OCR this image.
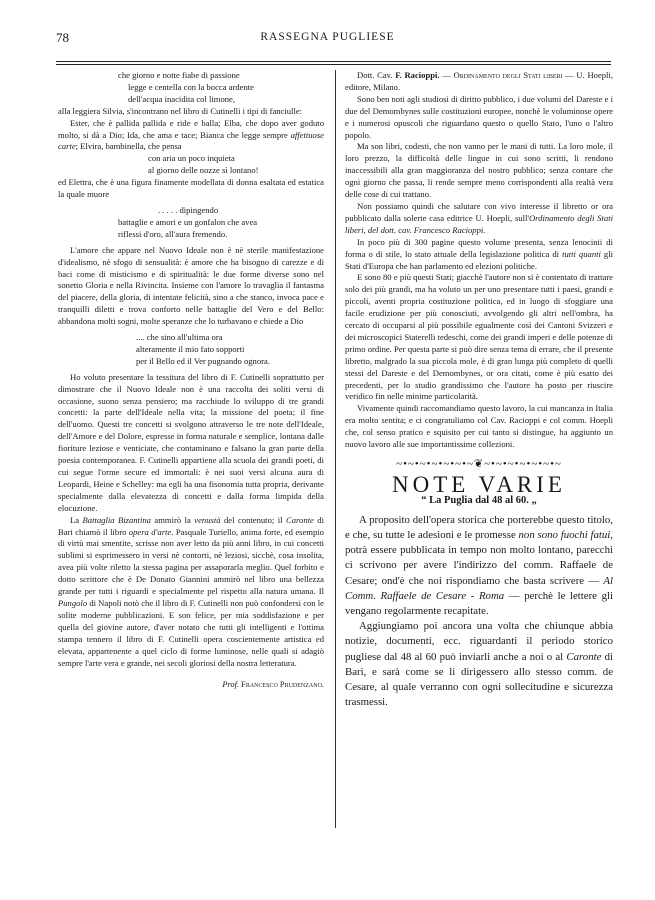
78	RASSEGNA PUGLIESE
che giorno e notte fiabe di passione
legge e centella con la bocca ardente
dell'acqua inacidita col limone,

alla leggiera Silvia, s'incontrano nel libro di Cutinelli i tipi di fanciulle:

Ester, che è pallida pallida e ride e balla; Elba, che dopo aver goduto molto, si dà a Dio; Ida, che ama e tace; Bianca che legge sempre affettuose carte; Elvira, bambinella, che pensa

con aria un poco inquieta
al giorno delle nozze sì lontano!

ed Elettra, che è una figura finamente modellata di donna esaltata ed estatica la quale muore

. . . . . dipingendo
battaglie e amori e un gonfalon che avea
riflessi d'oro, all'aura fremendo.

L'amore che appare nel Nuovo Ideale non è nè sterile manifestazione d'idealismo, nè sfogo di sensualità: è amore che ha bisogno di carezze e di baci come di misticismo e di spiritualità: le due forme diverse sono nel sonetto Gloria e nella Rivincita. Insieme con l'amore lo travaglia il fantasma del piacere, della gloria, di intentate felicità, sino a che stanco, invoca pace e tranquilli diletti e trova conforto nelle battaglie del Vero e del Bello: abbandona molti sogni, molte speranze che lo turbavano e chiede a Dio

.... che sino all'ultima ora
alteramente il mio fato sopporti
per il Bello ed il Ver pugnando ognora.

Ho voluto presentare la tessitura del libro di F. Cutinelli soprattutto per dimostrare che il Nuovo Ideale non è una raccolta dei soliti versi di occasione, suono senza pensiero; ma racchiude lo sviluppo di tre grandi concetti: la parte dell'Ideale nella vita; la missione del poeta; il fine dell'uomo. Questi tre concetti si svolgono attraverso le tre note dell'Ideale, dell'Amore e del Dolore, espresse in forma naturale e semplice, lontana dalle fioriture leziose e venticiate, che contaminano e falsano la gran parte della poesia contemporanea. F. Cutinelli appartiene alla scuola dei grandi poeti, di cui segue l'orme secure ed immortali: è nei suoi versi alcuna aura di Leopardi, Heine e Schelley: ma egli ha una fisonomia tutta propria, derivante specialmente dalla elevatezza di concetti e dalla forma limpida della elocuzione.

La Battaglia Bizantina ammirò la venustà del contenuto; il Caronte di Bari chiamò il libro opera d'arte. Pasquale Turiello, anima forte, ed esempio di virtù mai smentite, scrisse non aver letto da più anni libro, in cui concetti sublimi si esprimessero in versi nè contorti, nè leziosi, sicchè, cosa insolita, avea più volte riletto la stessa pagina per assaporarla meglio. Quel forbito e dotto scrittore che è De Donato Giannini ammirò nel libro una bellezza grande per tutti i riguardi e specialmente pel rispetto alla natura umana. Il Pungolo di Napoli notò che il libro di F. Cutinelli non può confondersi con le solite moderne pubblicazioni. E son felice, per mia soddisfazione e per quella del giovine autore, d'aver notato che tutti gli intelligenti e l'ottima stampa tennero il libro di F. Cutinelli opera coscientemente artistica ed elevata, appartenente a quel ciclo di forme luminose, nelle quali si adagiò sempre l'arte vera e grande, nei secoli gloriosi della nostra letteratura.

Prof. Francesco Prudenzano.

Dott. Cav. F. Racioppi. — Ordinamento degli Stati liberi — U. Hoepli, editore, Milano.

Sono ben noti agli studiosi di diritto pubblico, i due volumi del Dareste e i due del Demombynes sulle costituzioni europee, nonchè le voluminose opere e i numerosi opuscoli che riguardano questo o quello Stato, l'uno o l'altro popolo.

Ma son libri, codesti, che non vanno per le mani di tutti. La loro mole, il loro prezzo, la difficoltà delle lingue in cui sono scritti, li rendono inaccessibili alla gran maggioranza del nostro pubblico; senza contare che ogni giorno che passa, li rende sempre meno corrispondenti alla realtà vera delle cose di cui trattano.

Non possiamo quindi che salutare con vivo interesse il libretto or ora pubblicato dalla solerte casa editrice U. Hoepli, sull'Ordinamento degli Stati liberi, del dott. cav. Francesco Racioppi.

In poco più di 300 pagine questo volume presenta, senza lenocinii di forma o di stile, lo stato attuale della legislazione politica di tutti quanti gli Stati d'Europa che han parlamento ed elezioni politiche.

E sono 80 e più questi Stati; giacchè l'autore non si è contentato di trattare solo dei più grandi, ma ha voluto un per uno presentare tutti i paesi, grandi e piccoli, aventi propria costituzione politica, ed in luogo di sfoggiare una facile erudizione per più conosciuti, avvolgendo gli altri nell'ombra, ha cercato di occuparsi al più possibile egualmente così dei Cantoni Svizzeri e dei microscopici Staterelli tedeschi, come dei grandi imperi e delle potenze di primo ordine. Per questa parte si può dire senza tema di errare, che il presente libretto, malgrado la sua piccola mole, è di gran lunga più completo di quelli stessi del Dareste e del Demombynes, or ora citati, come è più esatto dei precedenti, per lo studio grandissimo che l'autore ha posto per riuscire veridico fin nelle minime particolarità.

Vivamente quindi raccomandiamo questo lavoro, la cui mancanza in Italia era molto sentita; e ci congratuliamo col Cav. Racioppi e col comm. Hoepli che, col senso pratico e squisito per cui tanto si distingue, ha aggiunto un nuovo lavoro alle sue importantissime collezioni.

~•~•~•~•~•~•~❦~•~•~•~•~•~•~
NOTE VARIE
“ La Puglia dal 48 al 60. „

A proposito dell'opera storica che porterebbe questo titolo, e che, su tutte le adesioni e le promesse non sono fuochi fatui, potrà essere pubblicata in tempo non molto lontano, parecchi ci scrivono per avere l'indirizzo del comm. Raffaele de Cesare; ond'è che noi rispondiamo che basta scrivere — Al Comm. Raffaele de Cesare - Roma — perchè le lettere gli vengano regolarmente recapitate.

Aggiungiamo poi ancora una volta che chiunque abbia notizie, documenti, ecc. riguardanti il periodo storico pugliese dal 48 al 60 può inviarli anche a noi o al Caronte di Bari, e sarà come se li dirigessero allo stesso comm. de Cesare, al quale verranno con ogni sollecitudine e sicurezza trasmessi.
